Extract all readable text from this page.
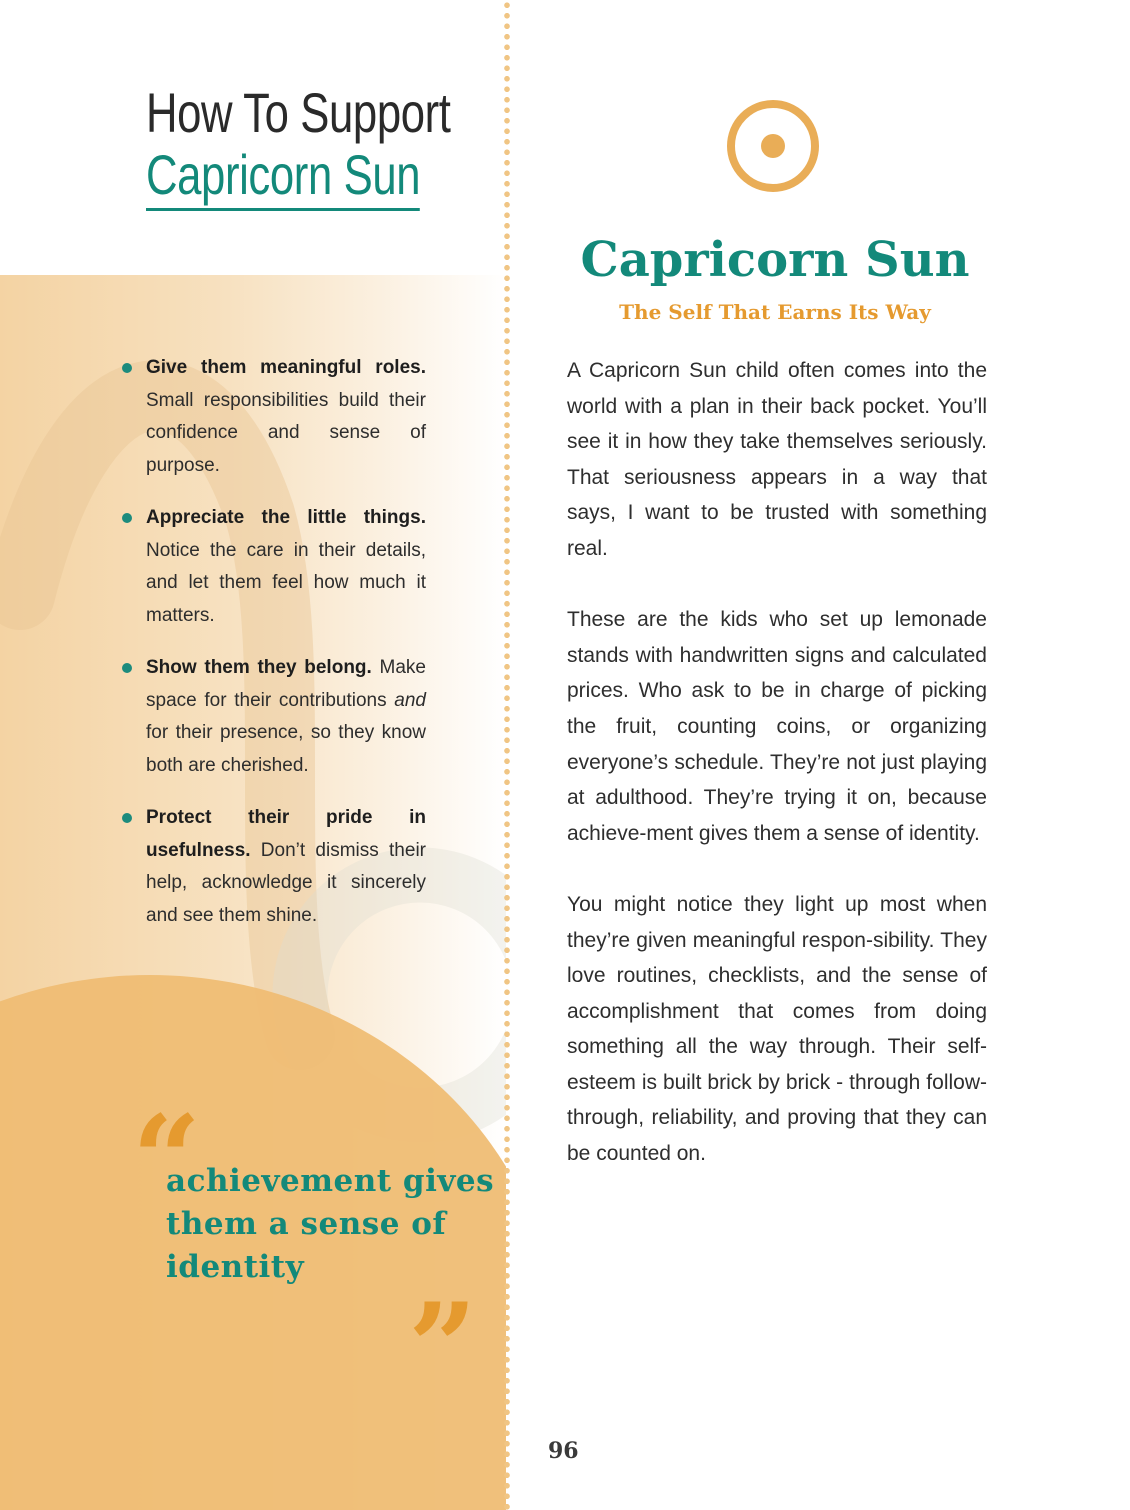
How To Support
Capricorn Sun
Give them meaningful roles. Small responsibilities build their confidence and sense of purpose.
Appreciate the little things. Notice the care in their details, and let them feel how much it matters.
Show them they belong. Make space for their contributions and for their presence, so they know both are cherished.
Protect their pride in usefulness. Don’t dismiss their help, acknowledge it sincerely and see them shine.
“
achievement gives them a sense of identity
”
Capricorn Sun
The Self That Earns Its Way

A Capricorn Sun child often comes into the world with a plan in their back pocket. You’ll see it in how they take themselves seriously. That seriousness appears in a way that says, I want to be trusted with something real.

These are the kids who set up lemonade stands with handwritten signs and calculated prices. Who ask to be in charge of picking the fruit, counting coins, or organizing everyone’s schedule. They’re not just playing at adulthood. They’re trying it on, because achieve-ment gives them a sense of identity.

You might notice they light up most when they’re given meaningful respon-sibility. They love routines, checklists, and the sense of accomplishment that comes from doing something all the way through. Their self-esteem is built brick by brick - through follow-through, reliability, and proving that they can be counted on.

96
